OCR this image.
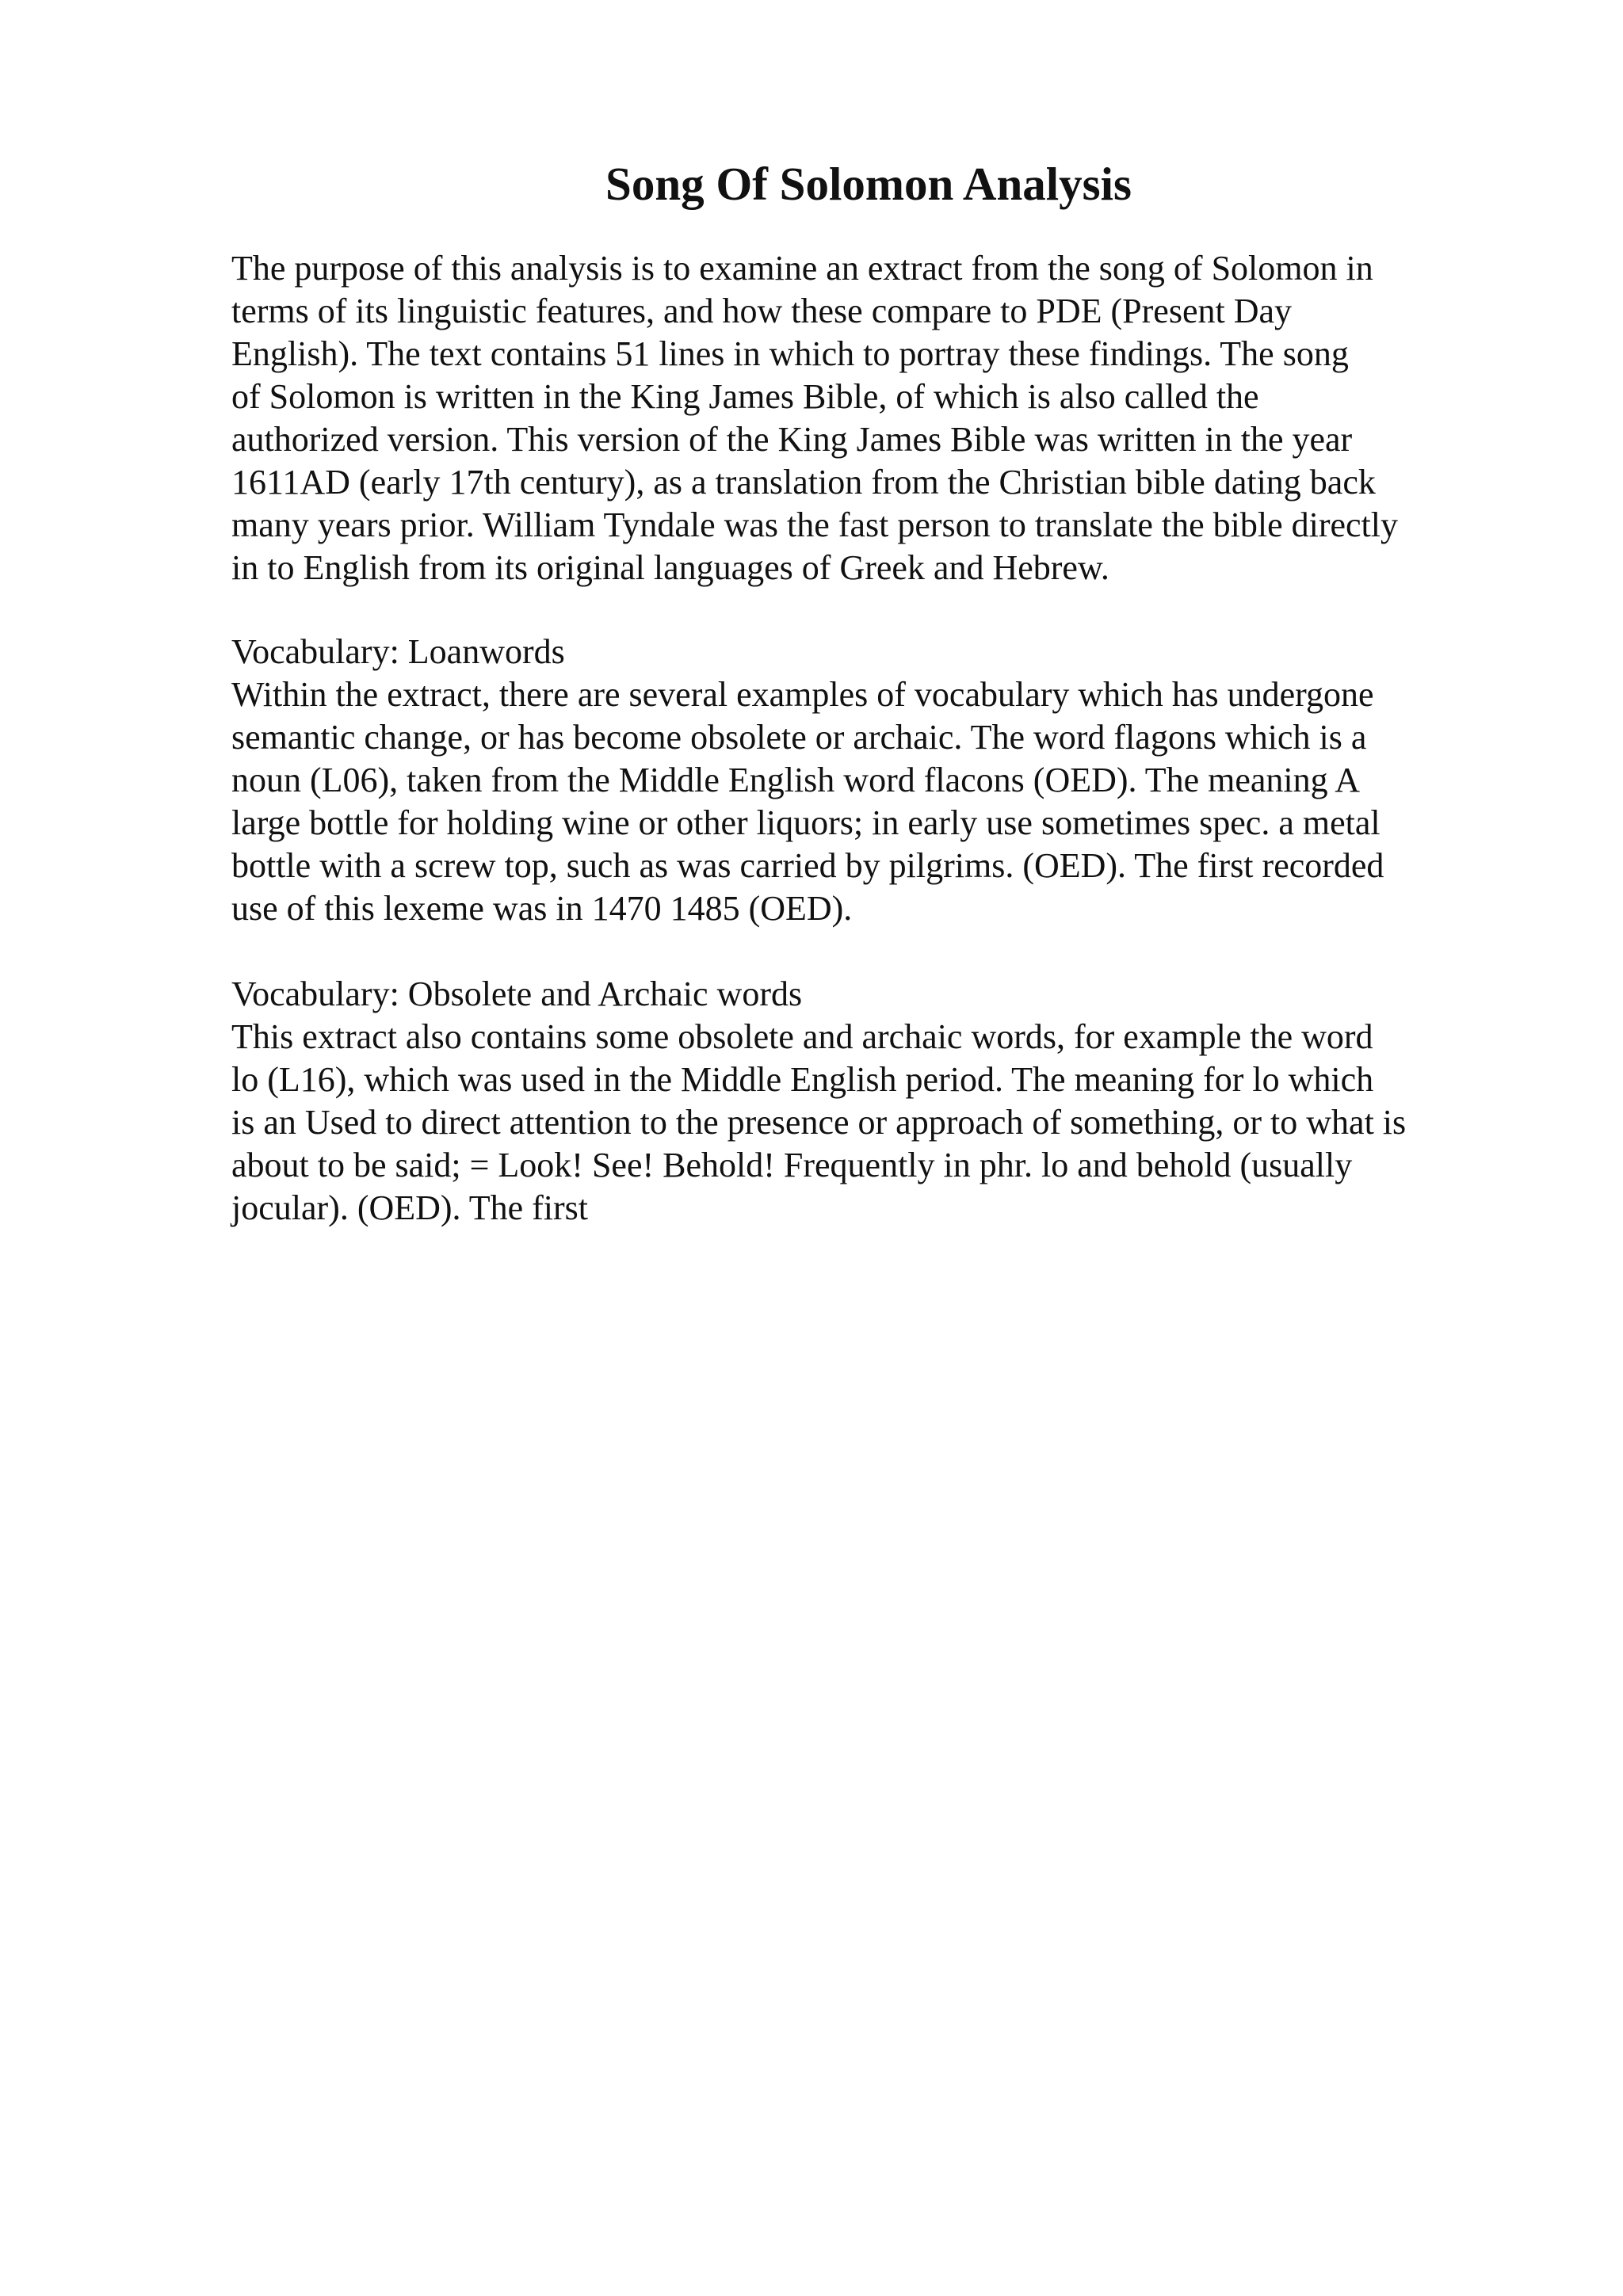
Song Of Solomon Analysis

The purpose of this analysis is to examine an extract from the song of Solomon in

terms of its linguistic features, and how these compare to PDE (Present Day

English). The text contains 51 lines in which to portray these findings. The song

of Solomon is written in the King James Bible, of which is also called the

authorized version. This version of the King James Bible was written in the year

1611AD (early 17th century), as a translation from the Christian bible dating back

many years prior. William Tyndale was the fast person to translate the bible directly

in to English from its original languages of Greek and Hebrew.

Vocabulary: Loanwords

Within the extract, there are several examples of vocabulary which has undergone

semantic change, or has become obsolete or archaic. The word flagons which is a

noun (L06), taken from the Middle English word flacons (OED). The meaning A

large bottle for holding wine or other liquors; in early use sometimes spec. a metal

bottle with a screw top, such as was carried by pilgrims. (OED). The first recorded

use of this lexeme was in 1470 1485 (OED).

Vocabulary: Obsolete and Archaic words

This extract also contains some obsolete and archaic words, for example the word

lo (L16), which was used in the Middle English period. The meaning for lo which

is an Used to direct attention to the presence or approach of something, or to what is

about to be said; = Look! See! Behold! Frequently in phr. lo and behold (usually

jocular). (OED). The first
